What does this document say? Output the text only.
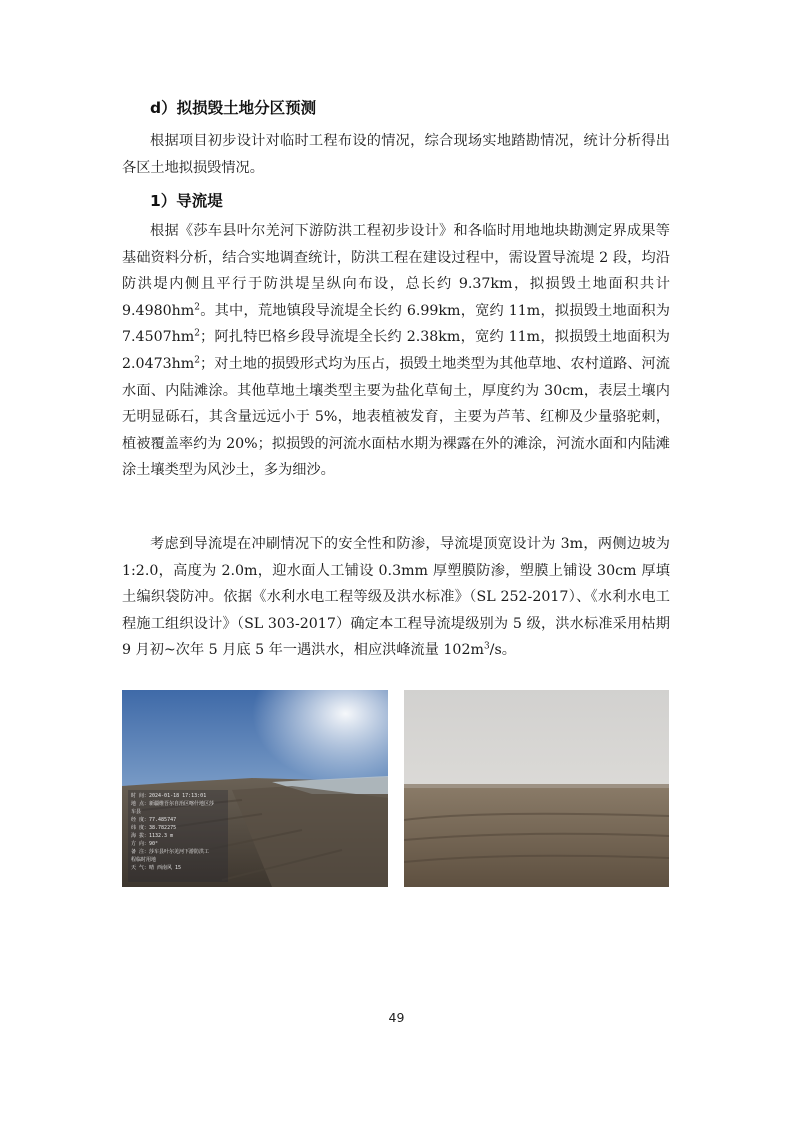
d）拟损毁土地分区预测

根据项目初步设计对临时工程布设的情况，综合现场实地踏勘情况，统计分析得出各区土地拟损毁情况。

1）导流堤

根据《莎车县叶尔羌河下游防洪工程初步设计》和各临时用地地块勘测定界成果等基础资料分析，结合实地调查统计，防洪工程在建设过程中，需设置导流堤 2 段，均沿防洪堤内侧且平行于防洪堤呈纵向布设，总长约 9.37km，拟损毁土地面积共计 $9.4980hm^2$。其中，荒地镇段导流堤全长约 6.99km，宽约 11m，拟损毁土地面积为 $7.4507hm^2$；阿扎特巴格乡段导流堤全长约 2.38km，宽约 11m，拟损毁土地面积为 $2.0473hm^2$；对土地的损毁形式均为压占，损毁土地类型为其他草地、农村道路、河流水面、内陆滩涂。其他草地土壤类型主要为盐化草甸土，厚度约为 30cm，表层土壤内无明显砾石，其含量远远小于 5%，地表植被发育，主要为芦苇、红柳及少量骆驼刺，植被覆盖率约为 20%；拟损毁的河流水面枯水期为裸露在外的滩涂，河流水面和内陆滩涂土壤类型为风沙土，多为细沙。

考虑到导流堤在冲刷情况下的安全性和防渗，导流堤顶宽设计为 3m，两侧边坡为 1:2.0，高度为 2.0m，迎水面人工铺设 0.3mm 厚塑膜防渗，塑膜上铺设 30cm 厚填土编织袋防冲。依据《水利水电工程等级及洪水标准》（SL 252-2017）、《水利水电工程施工组织设计》（SL 303-2017）确定本工程导流堤级别为 5 级，洪水标准采用枯期 9 月初~次年 5 月底 5 年一遇洪水，相应洪峰流量 $102m^3/s$。

时 间：2024-01-18 17:13:01
地 点：新疆维吾尔自治区喀什地区莎
车县
经 度：77.485747
纬 度：38.782275
海 拔：1132.3 m
方 向：90°
备 注：莎车县叶尔羌河下游防洪工
程临时用地
天 气：晴 西南风 15

49
